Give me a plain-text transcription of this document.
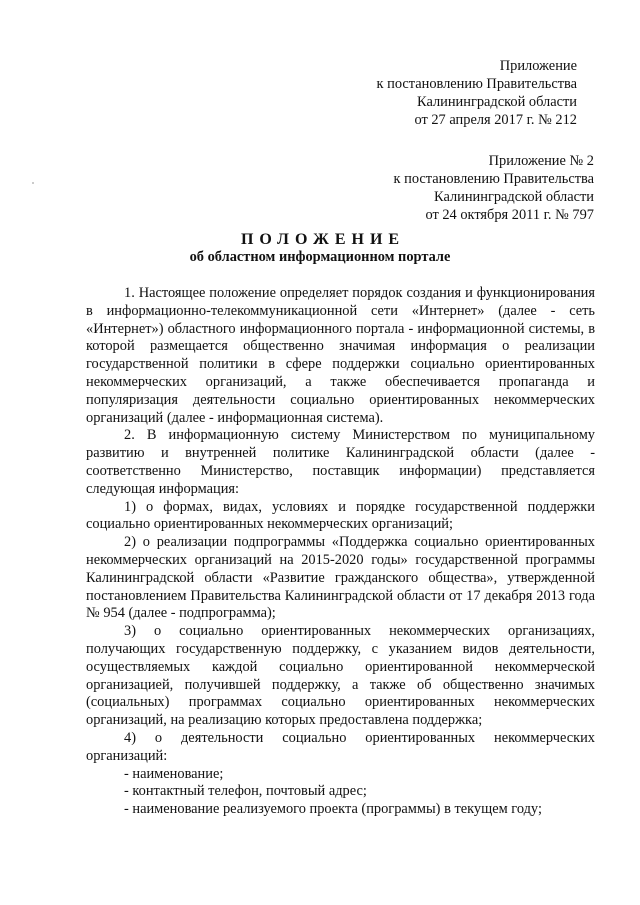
Приложение
к постановлению Правительства
Калининградской области
от 27 апреля 2017 г. № 212
Приложение № 2
к постановлению Правительства
Калининградской области
от 24 октября 2011 г. № 797
ПОЛОЖЕНИЕ
об областном информационном портале

1. Настоящее положение определяет порядок создания и функционирования в информационно-телекоммуникационной сети «Интернет» (далее - сеть «Интернет») областного информационного портала - информационной системы, в которой размещается общественно значимая информация о реализации государственной политики в сфере поддержки социально ориентированных некоммерческих организаций, а также обеспечивается пропаганда и популяризация деятельности социально ориентированных некоммерческих организаций (далее - информационная система).

2. В информационную систему Министерством по муниципальному развитию и внутренней политике Калининградской области (далее - соответственно Министерство, поставщик информации) представляется следующая информация:

1) о формах, видах, условиях и порядке государственной поддержки социально ориентированных некоммерческих организаций;

2) о реализации подпрограммы «Поддержка социально ориентированных некоммерческих организаций на 2015-2020 годы» государственной программы Калининградской области «Развитие гражданского общества», утвержденной постановлением Правительства Калининградской области от 17 декабря 2013 года № 954 (далее - подпрограмма);

3) о социально ориентированных некоммерческих организациях, получающих государственную поддержку, с указанием видов деятельности, осуществляемых каждой социально ориентированной некоммерческой организацией, получившей поддержку, а также об общественно значимых (социальных) программах социально ориентированных некоммерческих организаций, на реализацию которых предоставлена поддержка;

4) о деятельности социально ориентированных некоммерческих организаций:

- наименование;

- контактный телефон, почтовый адрес;

- наименование реализуемого проекта (программы) в текущем году;
